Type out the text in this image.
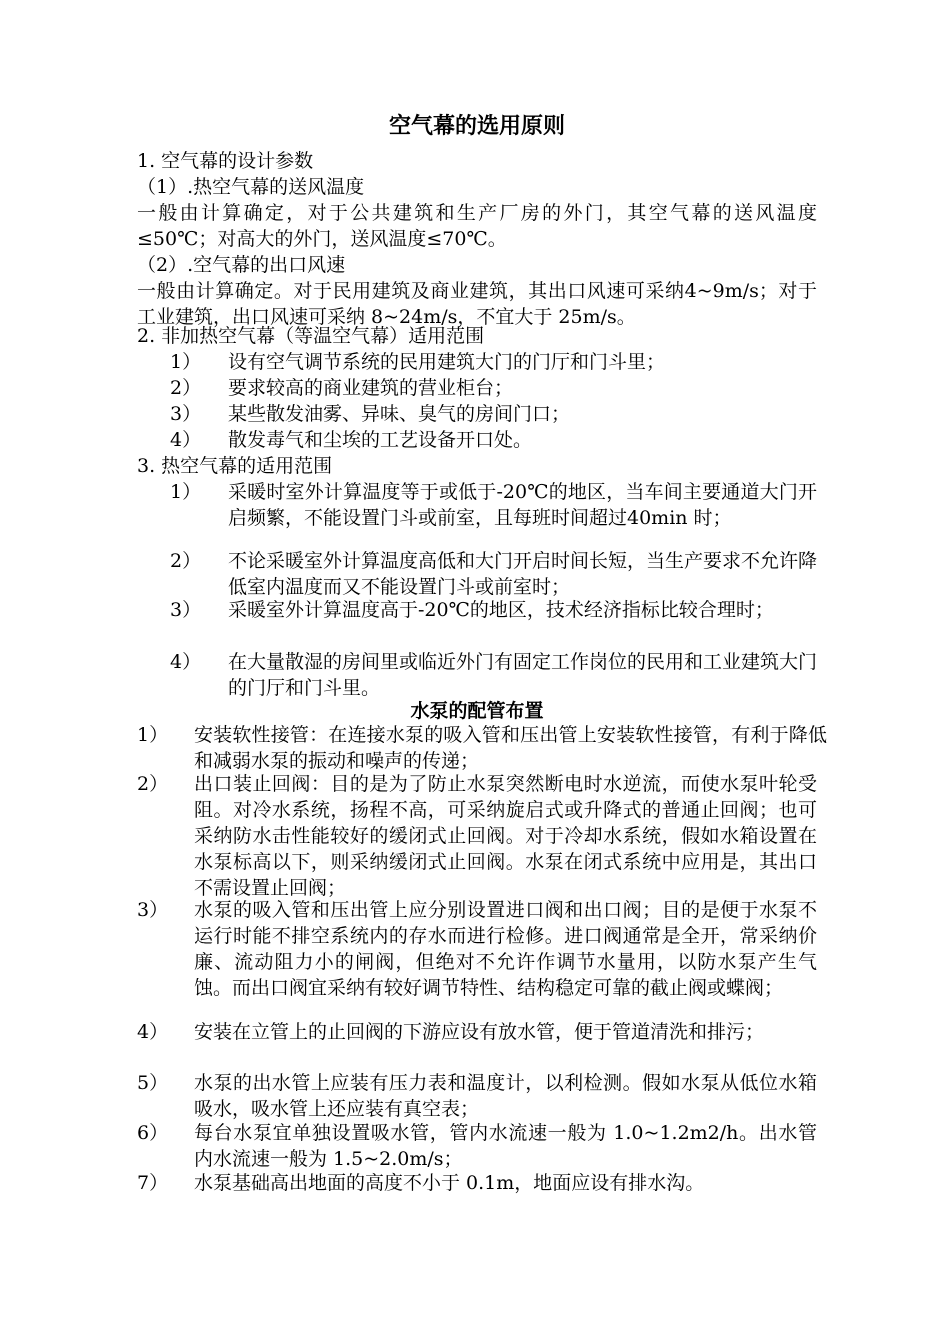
空气幕的选用原则
1. 空气幕的设计参数
（1）.热空气幕的送风温度
一般由计算确定，对于公共建筑和生产厂房的外门，其空气幕的送风温度≤50℃；对高大的外门，送风温度≤70℃。
（2）.空气幕的出口风速
一般由计算确定。对于民用建筑及商业建筑，其出口风速可采纳4~9m/s；对于工业建筑，出口风速可采纳 8~24m/s，不宜大于 25m/s。
2. 非加热空气幕（等温空气幕）适用范围
1） 设有空气调节系统的民用建筑大门的门厅和门斗里；
2） 要求较高的商业建筑的营业柜台；
3） 某些散发油雾、异味、臭气的房间门口；
4） 散发毒气和尘埃的工艺设备开口处。
3. 热空气幕的适用范围
1） 采暖时室外计算温度等于或低于-20℃的地区，当车间主要通道大门开启频繁，不能设置门斗或前室，且每班时间超过40min 时；
2） 不论采暖室外计算温度高低和大门开启时间长短，当生产要求不允许降低室内温度而又不能设置门斗或前室时；
3） 采暖室外计算温度高于-20℃的地区，技术经济指标比较合理时；
4） 在大量散湿的房间里或临近外门有固定工作岗位的民用和工业建筑大门的门厅和门斗里。
水泵的配管布置
1） 安装软性接管：在连接水泵的吸入管和压出管上安装软性接管，有利于降低和减弱水泵的振动和噪声的传递；
2） 出口装止回阀：目的是为了防止水泵突然断电时水逆流，而使水泵叶轮受阻。对冷水系统，扬程不高，可采纳旋启式或升降式的普通止回阀；也可采纳防水击性能较好的缓闭式止回阀。对于冷却水系统，假如水箱设置在水泵标高以下，则采纳缓闭式止回阀。水泵在闭式系统中应用是，其出口不需设置止回阀；
3） 水泵的吸入管和压出管上应分别设置进口阀和出口阀；目的是便于水泵不运行时能不排空系统内的存水而进行检修。进口阀通常是全开，常采纳价廉、流动阻力小的闸阀，但绝对不允许作调节水量用，以防水泵产生气蚀。而出口阀宜采纳有较好调节特性、结构稳定可靠的截止阀或蝶阀；
4） 安装在立管上的止回阀的下游应设有放水管，便于管道清洗和排污；
5） 水泵的出水管上应装有压力表和温度计，以利检测。假如水泵从低位水箱吸水，吸水管上还应装有真空表；
6） 每台水泵宜单独设置吸水管，管内水流速一般为 1.0~1.2m2/h。出水管内水流速一般为 1.5~2.0m/s；
7） 水泵基础高出地面的高度不小于 0.1m，地面应设有排水沟。
